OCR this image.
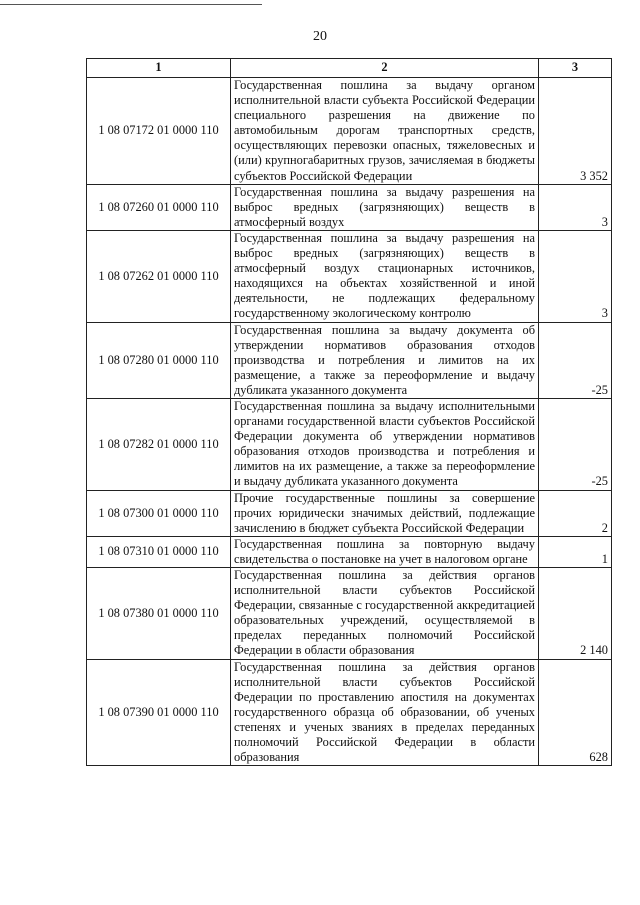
20
1	2	3
1 08 07172 01 0000 110	Государственная пошлина за выдачу органом исполнительной власти субъекта Российской Федерации специального разрешения на движение по автомобильным дорогам транспортных средств, осуществляющих перевозки опасных, тяжеловесных и (или) крупногабаритных грузов, зачисляемая в бюджеты субъектов Российской Федерации	3 352
1 08 07260 01 0000 110	Государственная пошлина за выдачу разрешения на выброс вредных (загрязняющих) веществ в атмосферный воздух	3
1 08 07262 01 0000 110	Государственная пошлина за выдачу разрешения на выброс вредных (загрязняющих) веществ в атмосферный воздух стационарных источников, находящихся на объектах хозяйственной и иной деятельности, не подлежащих федеральному государственному экологическому контролю	3
1 08 07280 01 0000 110	Государственная пошлина за выдачу документа об утверждении нормативов образования отходов производства и потребления и лимитов на их размещение, а также за переоформление и выдачу дубликата указанного документа	-25
1 08 07282 01 0000 110	Государственная пошлина за выдачу исполнительными органами государственной власти субъектов Российской Федерации документа об утверждении нормативов образования отходов производства и потребления и лимитов на их размещение, а также за переоформление и выдачу дубликата указанного документа	-25
1 08 07300 01 0000 110	Прочие государственные пошлины за совершение прочих юридически значимых действий, подлежащие зачислению в бюджет субъекта Российской Федерации	2
1 08 07310 01 0000 110	Государственная пошлина за повторную выдачу свидетельства о постановке на учет в налоговом органе	1
1 08 07380 01 0000 110	Государственная пошлина за действия органов исполнительной власти субъектов Российской Федерации, связанные с государственной аккредитацией образовательных учреждений, осуществляемой в пределах переданных полномочий Российской Федерации в области образования	2 140
1 08 07390 01 0000 110	Государственная пошлина за действия органов исполнительной власти субъектов Российской Федерации по проставлению апостиля на документах государственного образца об образовании, об ученых степенях и ученых званиях в пределах переданных полномочий Российской Федерации в области образования	628
